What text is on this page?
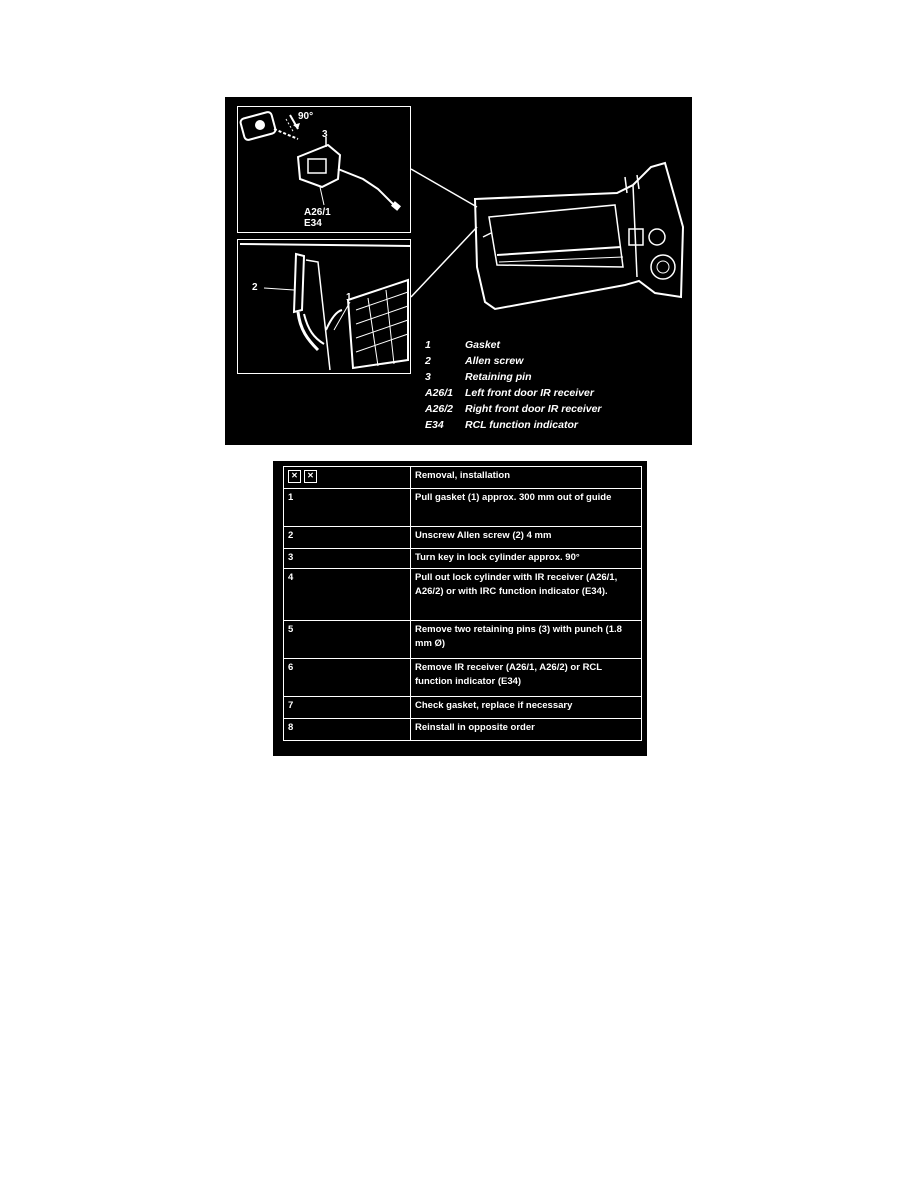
90°
3
A26/1
E34
2
1
1	Gasket
2	Allen screw
3	Retaining pin
A26/1	Left front door IR receiver
A26/2	Right front door IR receiver
E34	RCL function indicator
✕ ✕	Removal, installation
1	Pull gasket (1) approx. 300 mm out of guide
2	Unscrew Allen screw (2) 4 mm
3	Turn key in lock cylinder approx. 90°
4	Pull out lock cylinder with IR receiver (A26/1, A26/2) or with IRC function indicator (E34).
5	Remove two retaining pins (3) with punch (1.8 mm Ø)
6	Remove IR receiver (A26/1, A26/2) or RCL function indicator (E34)
7	Check gasket, replace if necessary
8	Reinstall in opposite order
